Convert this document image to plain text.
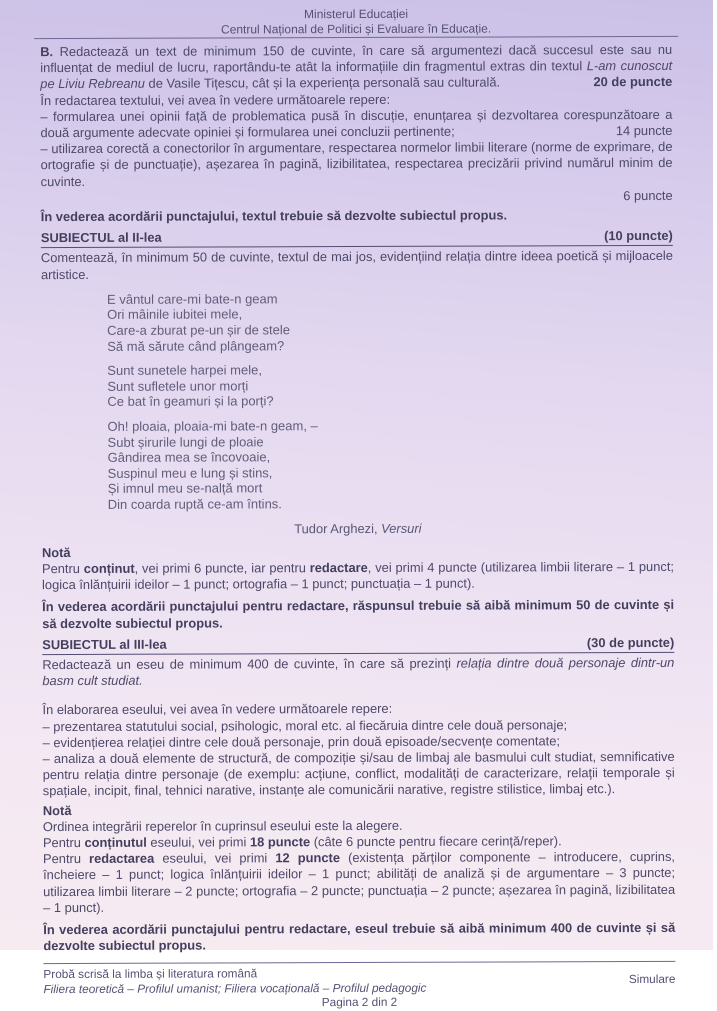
Ministerul Educației
Centrul Național de Politici și Evaluare în Educație.
B. Redactează un text de minimum 150 de cuvinte, în care să argumentezi dacă succesul este sau nu influențat de mediul de lucru, raportându-te atât la informațiile din fragmentul extras din textul L-am cunoscut pe Liviu Rebreanu de Vasile Tițescu, cât și la experiența personală sau culturală.	20 de puncte
În redactarea textului, vei avea în vedere următoarele repere:
– formularea unei opinii față de problematica pusă în discuție, enunțarea și dezvoltarea corespunzătoare a două argumente adecvate opiniei și formularea unei concluzii pertinente;	14 puncte
– utilizarea corectă a conectorilor în argumentare, respectarea normelor limbii literare (norme de exprimare, de ortografie și de punctuație), așezarea în pagină, lizibilitatea, respectarea precizării privind numărul minim de cuvinte.
6 puncte
În vederea acordării punctajului, textul trebuie să dezvolte subiectul propus.
SUBIECTUL al II-lea	(10 puncte)
Comentează, în minimum 50 de cuvinte, textul de mai jos, evidențiind relația dintre ideea poetică și mijloacele artistice.
E vântul care-mi bate-n geam
Ori mâinile iubitei mele,
Care-a zburat pe-un șir de stele
Să mă sărute când plângeam?
Sunt sunetele harpei mele,
Sunt sufletele unor morți
Ce bat în geamuri și la porți?
Oh! ploaia, ploaia-mi bate-n geam, –
Subt șirurile lungi de ploaie
Gândirea mea se încovoaie,
Suspinul meu e lung și stins,
Și imnul meu se-nalță mort
Din coarda ruptă ce-am întins.
Tudor Arghezi, Versuri
Notă
Pentru conținut, vei primi 6 puncte, iar pentru redactare, vei primi 4 puncte (utilizarea limbii literare – 1 punct; logica înlănțuirii ideilor – 1 punct; ortografia – 1 punct; punctuația – 1 punct).
În vederea acordării punctajului pentru redactare, răspunsul trebuie să aibă minimum 50 de cuvinte și să dezvolte subiectul propus.
SUBIECTUL al III-lea	(30 de puncte)
Redactează un eseu de minimum 400 de cuvinte, în care să prezinți relația dintre două personaje dintr-un basm cult studiat.
În elaborarea eseului, vei avea în vedere următoarele repere:
– prezentarea statutului social, psihologic, moral etc. al fiecăruia dintre cele două personaje;
– evidențierea relației dintre cele două personaje, prin două episoade/secvențe comentate;
– analiza a două elemente de structură, de compoziție și/sau de limbaj ale basmului cult studiat, semnificative pentru relația dintre personaje (de exemplu: acțiune, conflict, modalități de caracterizare, relații temporale și spațiale, incipit, final, tehnici narative, instanțe ale comunicării narative, registre stilistice, limbaj etc.).
Notă
Ordinea integrării reperelor în cuprinsul eseului este la alegere.
Pentru conținutul eseului, vei primi 18 puncte (câte 6 puncte pentru fiecare cerință/reper).
Pentru redactarea eseului, vei primi 12 puncte (existența părților componente – introducere, cuprins, încheiere – 1 punct; logica înlănțuirii ideilor – 1 punct; abilități de analiză și de argumentare – 3 puncte; utilizarea limbii literare – 2 puncte; ortografia – 2 puncte; punctuația – 2 puncte; așezarea în pagină, lizibilitatea – 1 punct).
În vederea acordării punctajului pentru redactare, eseul trebuie să aibă minimum 400 de cuvinte și să dezvolte subiectul propus.
Probă scrisă la limba și literatura română
Filiera teoretică – Profilul umanist; Filiera vocațională – Profilul pedagogic
Pagina 2 din 2
Simulare
